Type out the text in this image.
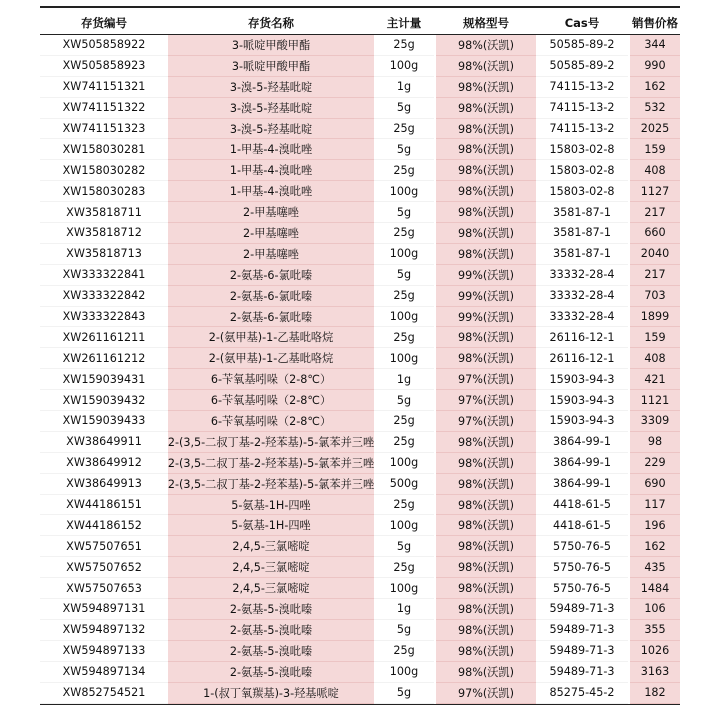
存货编号	存货名称	主计量	规格型号	Cas号	销售价格
XW505858922	3-哌啶甲酸甲酯	25g	98%(沃凯)	50585-89-2	344
XW505858923	3-哌啶甲酸甲酯	100g	98%(沃凯)	50585-89-2	990
XW741151321	3-溴-5-羟基吡啶	1g	98%(沃凯)	74115-13-2	162
XW741151322	3-溴-5-羟基吡啶	5g	98%(沃凯)	74115-13-2	532
XW741151323	3-溴-5-羟基吡啶	25g	98%(沃凯)	74115-13-2	2025
XW158030281	1-甲基-4-溴吡唑	5g	98%(沃凯)	15803-02-8	159
XW158030282	1-甲基-4-溴吡唑	25g	98%(沃凯)	15803-02-8	408
XW158030283	1-甲基-4-溴吡唑	100g	98%(沃凯)	15803-02-8	1127
XW35818711	2-甲基噻唑	5g	98%(沃凯)	3581-87-1	217
XW35818712	2-甲基噻唑	25g	98%(沃凯)	3581-87-1	660
XW35818713	2-甲基噻唑	100g	98%(沃凯)	3581-87-1	2040
XW333322841	2-氨基-6-氯吡嗪	5g	99%(沃凯)	33332-28-4	217
XW333322842	2-氨基-6-氯吡嗪	25g	99%(沃凯)	33332-28-4	703
XW333322843	2-氨基-6-氯吡嗪	100g	99%(沃凯)	33332-28-4	1899
XW261161211	2-(氨甲基)-1-乙基吡咯烷	25g	98%(沃凯)	26116-12-1	159
XW261161212	2-(氨甲基)-1-乙基吡咯烷	100g	98%(沃凯)	26116-12-1	408
XW159039431	6-苄氧基吲哚（2-8℃）	1g	97%(沃凯)	15903-94-3	421
XW159039432	6-苄氧基吲哚（2-8℃）	5g	97%(沃凯)	15903-94-3	1121
XW159039433	6-苄氧基吲哚（2-8℃）	25g	97%(沃凯)	15903-94-3	3309
XW38649911	2-(3,5-二叔丁基-2-羟苯基)-5-氯苯并三唑	25g	98%(沃凯)	3864-99-1	98
XW38649912	2-(3,5-二叔丁基-2-羟苯基)-5-氯苯并三唑	100g	98%(沃凯)	3864-99-1	229
XW38649913	2-(3,5-二叔丁基-2-羟苯基)-5-氯苯并三唑	500g	98%(沃凯)	3864-99-1	690
XW44186151	5-氨基-1H-四唑	25g	98%(沃凯)	4418-61-5	117
XW44186152	5-氨基-1H-四唑	100g	98%(沃凯)	4418-61-5	196
XW57507651	2,4,5-三氯嘧啶	5g	98%(沃凯)	5750-76-5	162
XW57507652	2,4,5-三氯嘧啶	25g	98%(沃凯)	5750-76-5	435
XW57507653	2,4,5-三氯嘧啶	100g	98%(沃凯)	5750-76-5	1484
XW594897131	2-氨基-5-溴吡嗪	1g	98%(沃凯)	59489-71-3	106
XW594897132	2-氨基-5-溴吡嗪	5g	98%(沃凯)	59489-71-3	355
XW594897133	2-氨基-5-溴吡嗪	25g	98%(沃凯)	59489-71-3	1026
XW594897134	2-氨基-5-溴吡嗪	100g	98%(沃凯)	59489-71-3	3163
XW852754521	1-(叔丁氧羰基)-3-羟基哌啶	5g	97%(沃凯)	85275-45-2	182
